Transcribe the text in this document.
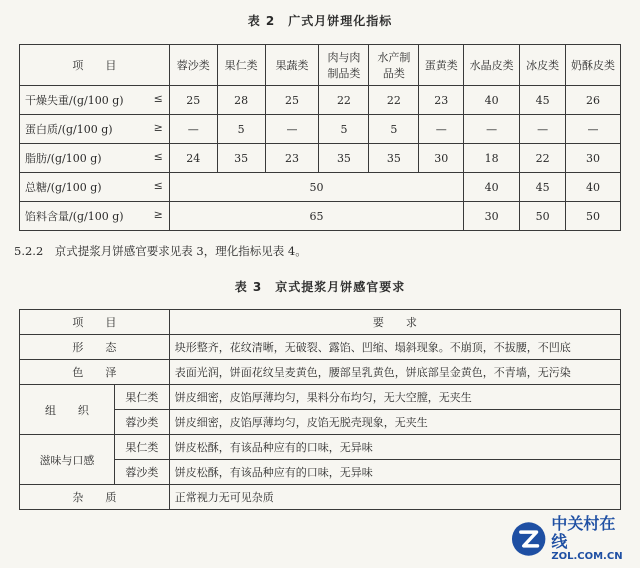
表 2　广式月饼理化指标
项　　目	蓉沙类	果仁类	果蔬类	肉与肉制品类	水产制品类	蛋黄类	水晶皮类	冰皮类	奶酥皮类

干燥失重/(g/100 g) ≤	25	28	25	22	22	23	40	45	26

蛋白质/(g/100 g) ≥	—	5	—	5	5	—	—	—	—

脂肪/(g/100 g) ≤	24	35	23	35	35	30	18	22	30

总糖/(g/100 g) ≤	50						40	45	40

馅料含量/(g/100 g) ≥	65						30	50	50
5.2.2　京式提浆月饼感官要求见表 3，理化指标见表 4。
表 3　京式提浆月饼感官要求
项　　目		要　　求
形　　态		块形整齐，花纹清晰，无破裂、露馅、凹缩、塌斜现象。不崩顶，不拔腰，不凹底
色　　泽		表面光润，饼面花纹呈麦黄色，腰部呈乳黄色，饼底部呈金黄色，不青墙，无污染
组　　织	果仁类	饼皮细密，皮馅厚薄均匀，果料分布均匀，无大空膛，无夹生
	蓉沙类	饼皮细密，皮馅厚薄均匀，皮馅无脱壳现象，无夹生
滋味与口感	果仁类	饼皮松酥，有该品种应有的口味，无异味
	蓉沙类	饼皮松酥，有该品种应有的口味，无异味
杂　　质		正常视力无可见杂质
中关村在线
ZOL.COM.CN
